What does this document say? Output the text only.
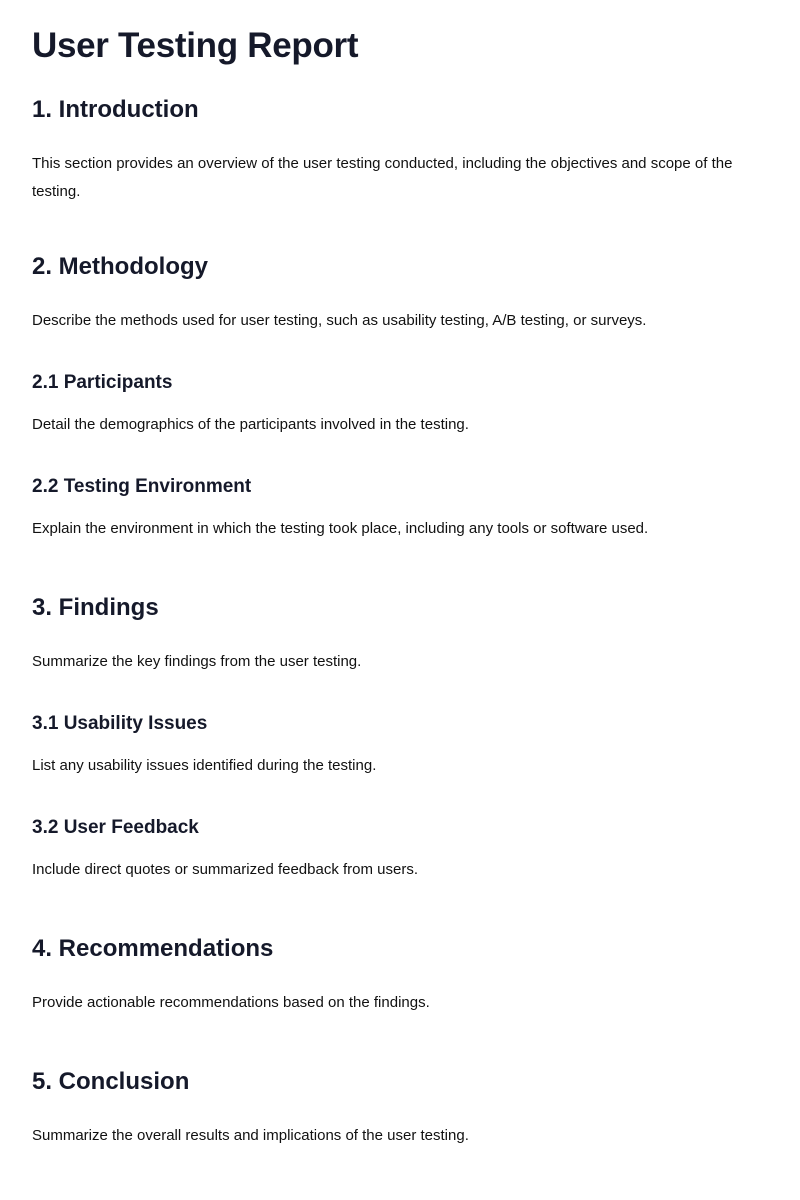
User Testing Report
1. Introduction

This section provides an overview of the user testing conducted, including the objectives and scope of the testing.

2. Methodology

Describe the methods used for user testing, such as usability testing, A/B testing, or surveys.

2.1 Participants

Detail the demographics of the participants involved in the testing.

2.2 Testing Environment

Explain the environment in which the testing took place, including any tools or software used.

3. Findings

Summarize the key findings from the user testing.

3.1 Usability Issues

List any usability issues identified during the testing.

3.2 User Feedback

Include direct quotes or summarized feedback from users.

4. Recommendations

Provide actionable recommendations based on the findings.

5. Conclusion

Summarize the overall results and implications of the user testing.
